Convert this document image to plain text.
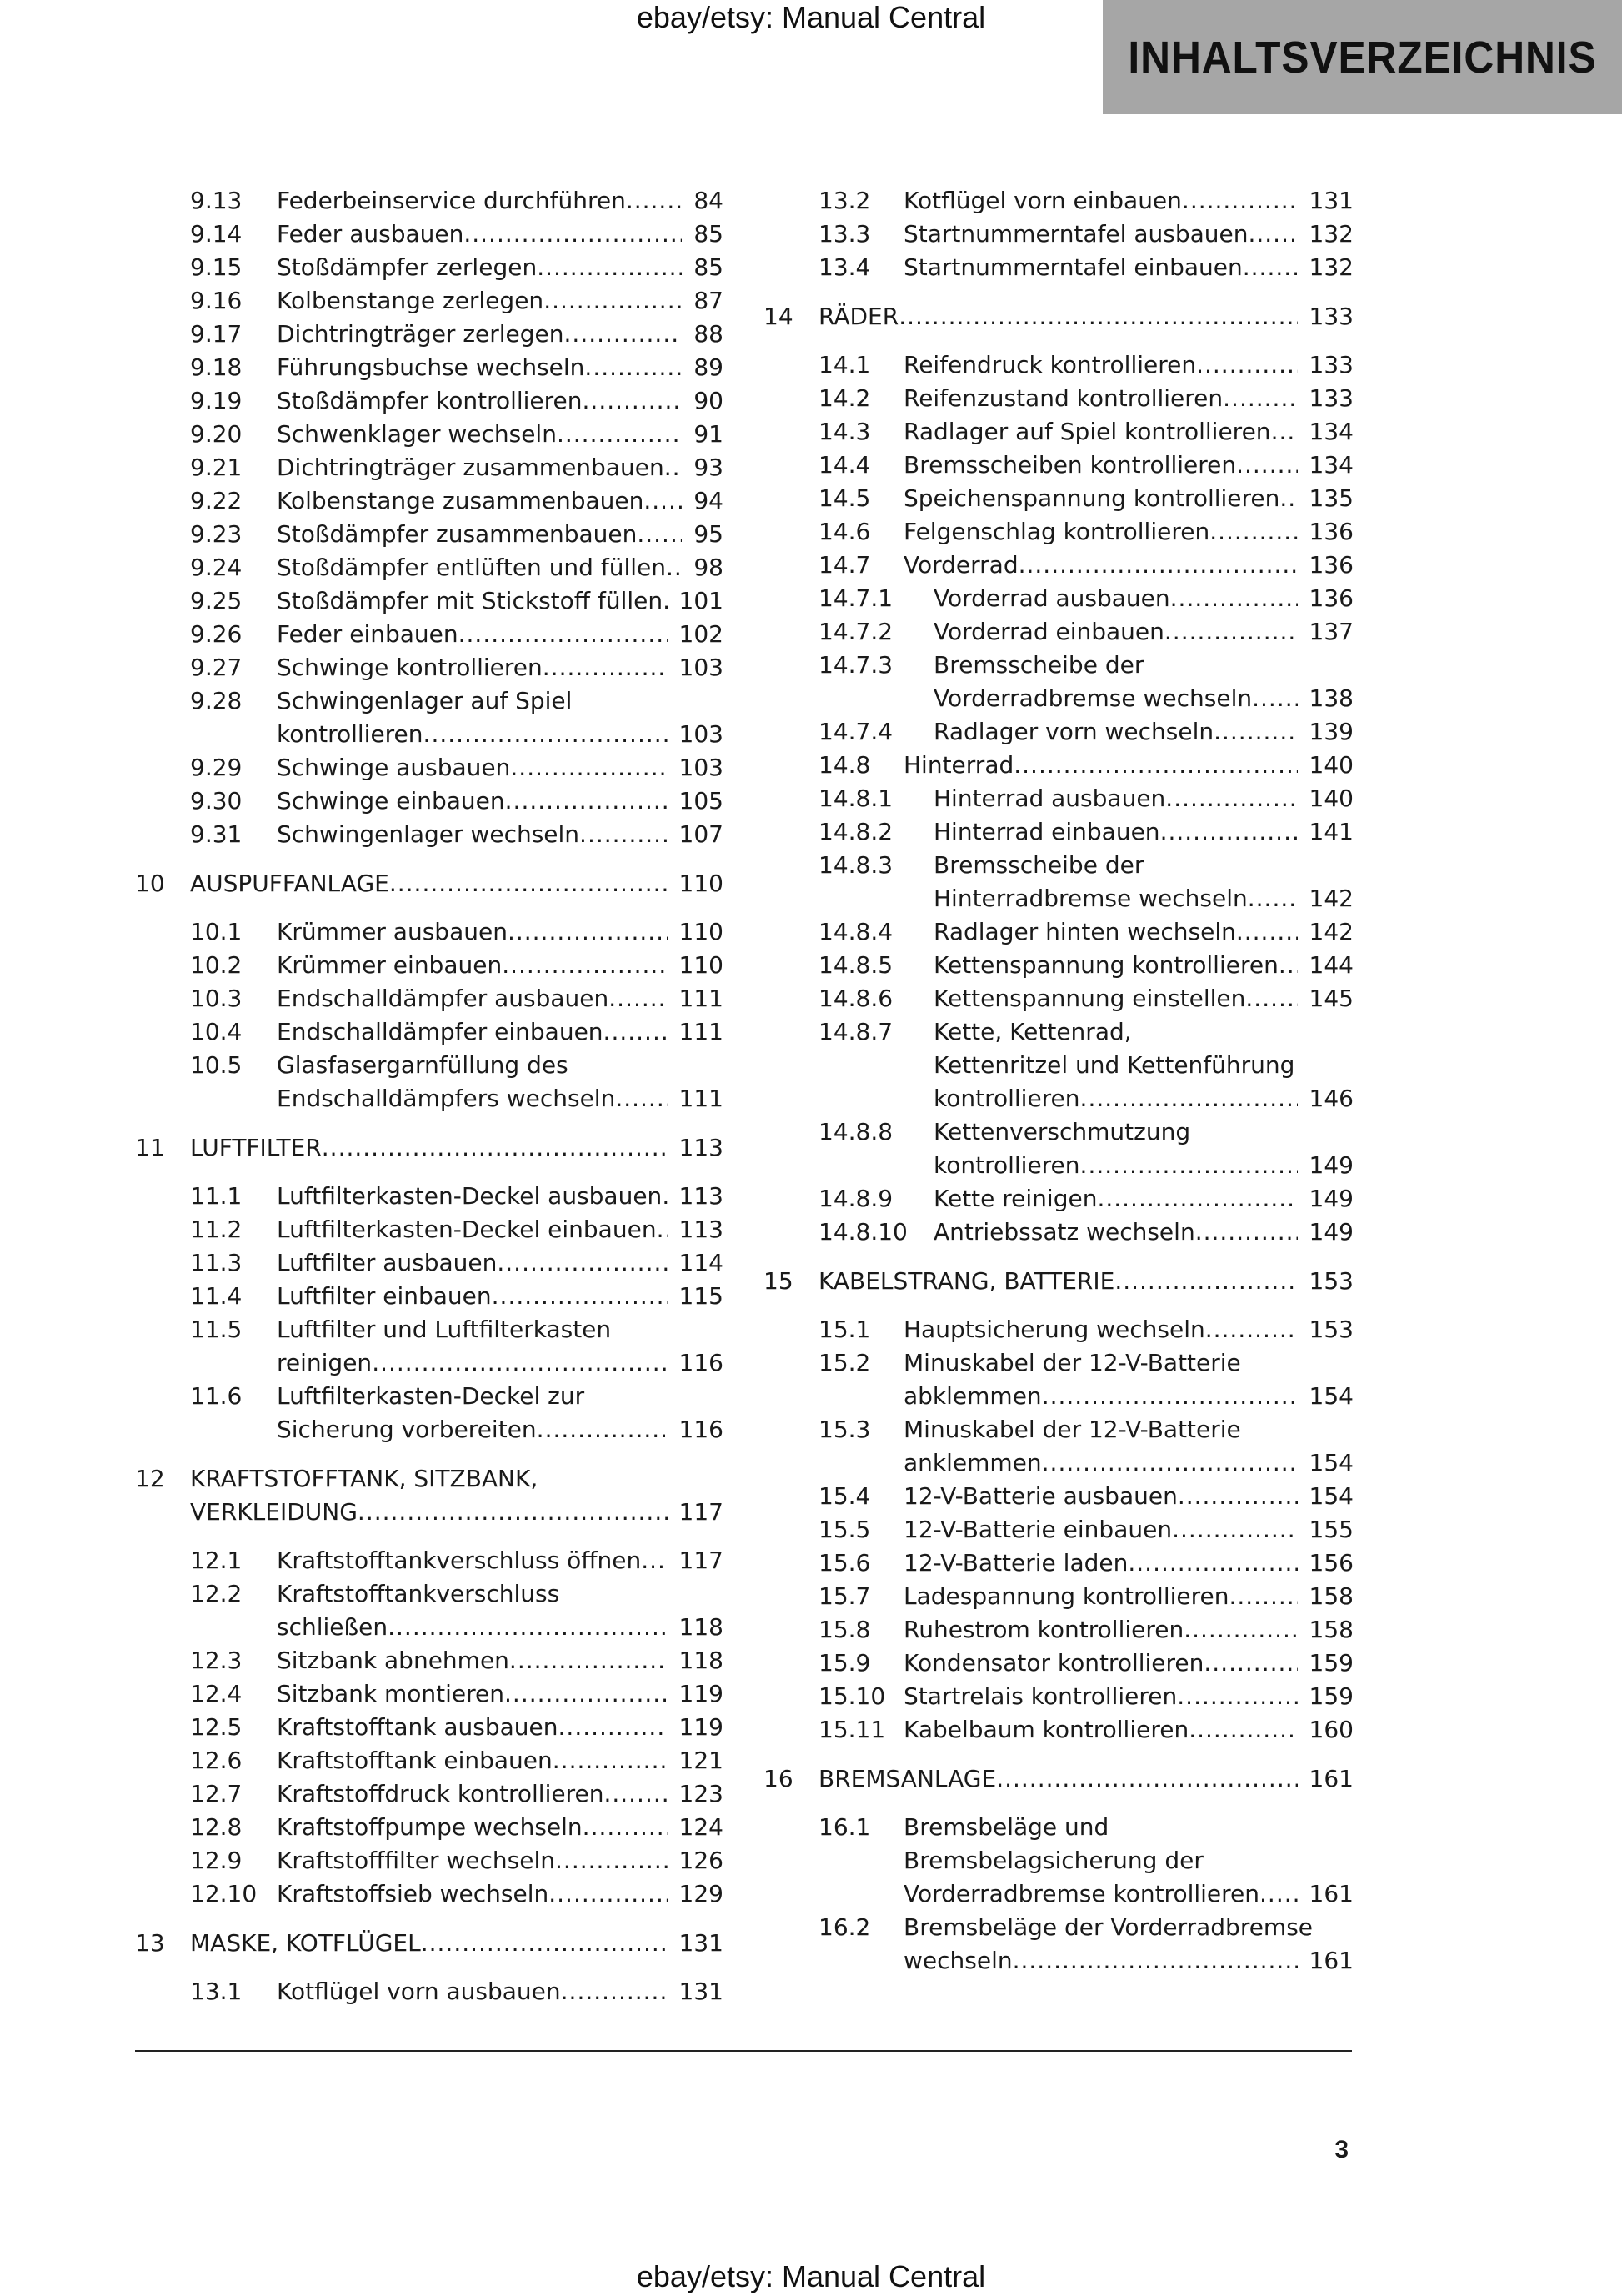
ebay/etsy: Manual Central
INHALTSVERZEICHNIS
9.13	Federbeinservice durchführen .....	84
9.14	Feder ausbauen .....	85
9.15	Stoßdämpfer zerlegen .....	85
9.16	Kolbenstange zerlegen .....	87
9.17	Dichtringträger zerlegen .....	88
9.18	Führungsbuchse wechseln .....	89
9.19	Stoßdämpfer kontrollieren .....	90
9.20	Schwenklager wechseln .....	91
9.21	Dichtringträger zusammenbauen .....	93
9.22	Kolbenstange zusammenbauen .....	94
9.23	Stoßdämpfer zusammenbauen .....	95
9.24	Stoßdämpfer entlüften und füllen .....	98
9.25	Stoßdämpfer mit Stickstoff füllen ..... 101
9.26	Feder einbauen .....	102
9.27	Schwinge kontrollieren .....	103
9.28	Schwingenlager auf Spiel
kontrollieren .....	103
9.29	Schwinge ausbauen .....	103
9.30	Schwinge einbauen .....	105
9.31	Schwingenlager wechseln .....	107
10	AUSPUFFANLAGE .....	110
10.1	Krümmer ausbauen .....	110
10.2	Krümmer einbauen .....	110
10.3	Endschalldämpfer ausbauen .....	111
10.4	Endschalldämpfer einbauen .....	111
10.5	Glasfasergarnfüllung des
Endschalldämpfers wechseln .....	111
11	LUFTFILTER .....	113
11.1	Luftfilterkasten-Deckel ausbauen ..... 113
11.2	Luftfilterkasten-Deckel einbauen ..... 113
11.3	Luftfilter ausbauen .....	114
11.4	Luftfilter einbauen .....	115
11.5	Luftfilter und Luftfilterkasten
reinigen .....	116
11.6	Luftfilterkasten-Deckel zur
Sicherung vorbereiten .....	116
12	KRAFTSTOFFTANK, SITZBANK,
VERKLEIDUNG .....	117
12.1	Kraftstofftankverschluss öffnen .....	117
12.2	Kraftstofftankverschluss
schließen .....	118
12.3	Sitzbank abnehmen .....	118
12.4	Sitzbank montieren .....	119
12.5	Kraftstofftank ausbauen .....	119
12.6	Kraftstofftank einbauen .....	121
12.7	Kraftstoffdruck kontrollieren .....	123
12.8	Kraftstoffpumpe wechseln .....	124
12.9	Kraftstofffilter wechseln .....	126
12.10 Kraftstoffsieb wechseln .....	129
13	MASKE, KOTFLÜGEL .....	131
13.1	Kotflügel vorn ausbauen .....	131
13.2	Kotflügel vorn einbauen .....	131
13.3	Startnummerntafel ausbauen .....	132
13.4	Startnummerntafel einbauen .....	132
14	RÄDER .....	133
14.1	Reifendruck kontrollieren .....	133
14.2	Reifenzustand kontrollieren .....	133
14.3	Radlager auf Spiel kontrollieren .....	134
14.4	Bremsscheiben kontrollieren .....	134
14.5	Speichenspannung kontrollieren .....	135
14.6	Felgenschlag kontrollieren .....	136
14.7	Vorderrad .....	136
14.7.1	Vorderrad ausbauen .....	136
14.7.2	Vorderrad einbauen .....	137
14.7.3	Bremsscheibe der
Vorderradbremse wechseln .....	138
14.7.4	Radlager vorn wechseln .....	139
14.8	Hinterrad .....	140
14.8.1	Hinterrad ausbauen .....	140
14.8.2	Hinterrad einbauen .....	141
14.8.3	Bremsscheibe der
Hinterradbremse wechseln .....	142
14.8.4	Radlager hinten wechseln .....	142
14.8.5	Kettenspannung kontrollieren .....	144
14.8.6	Kettenspannung einstellen .....	145
14.8.7	Kette, Kettenrad,
Kettenritzel und Kettenführung
kontrollieren .....	146
14.8.8	Kettenverschmutzung
kontrollieren .....	149
14.8.9	Kette reinigen .....	149
14.8.10	Antriebssatz wechseln .....	149
15	KABELSTRANG, BATTERIE .....	153
15.1	Hauptsicherung wechseln .....	153
15.2	Minuskabel der 12-V-Batterie
abklemmen .....	154
15.3	Minuskabel der 12-V-Batterie
anklemmen .....	154
15.4	12-V-Batterie ausbauen .....	154
15.5	12-V-Batterie einbauen .....	155
15.6	12-V-Batterie laden .....	156
15.7	Ladespannung kontrollieren .....	158
15.8	Ruhestrom kontrollieren .....	158
15.9	Kondensator kontrollieren .....	159
15.10 Startrelais kontrollieren .....	159
15.11 Kabelbaum kontrollieren .....	160
16	BREMSANLAGE .....	161
16.1	Bremsbeläge und
Bremsbelagsicherung der
Vorderradbremse kontrollieren .....	161
16.2	Bremsbeläge der Vorderradbremse
wechseln .....	161
3
ebay/etsy: Manual Central
